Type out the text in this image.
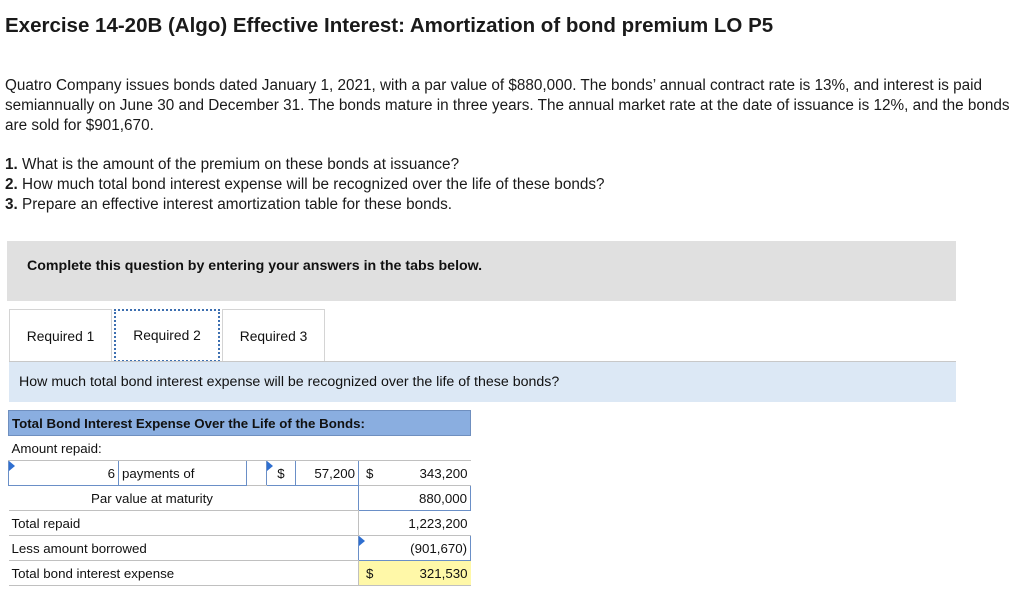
Exercise 14-20B (Algo) Effective Interest: Amortization of bond premium LO P5
Quatro Company issues bonds dated January 1, 2021, with a par value of $880,000. The bonds’ annual contract rate is 13%, and interest is paid semiannually on June 30 and December 31. The bonds mature in three years. The annual market rate at the date of issuance is 12%, and the bonds are sold for $901,670.
1. What is the amount of the premium on these bonds at issuance?
2. How much total bond interest expense will be recognized over the life of these bonds?
3. Prepare an effective interest amortization table for these bonds.
Complete this question by entering your answers in the tabs below.
Required 1	Required 2	Required 3
How much total bond interest expense will be recognized over the life of these bonds?
Total Bond Interest Expense Over the Life of the Bonds:						
Amount repaid:						
6	payments of		$	57,200	$	343,200
Par value at maturity					880,000	
Total repaid					1,223,200	
Less amount borrowed					(901,670)	
Total bond interest expense					$	321,530
